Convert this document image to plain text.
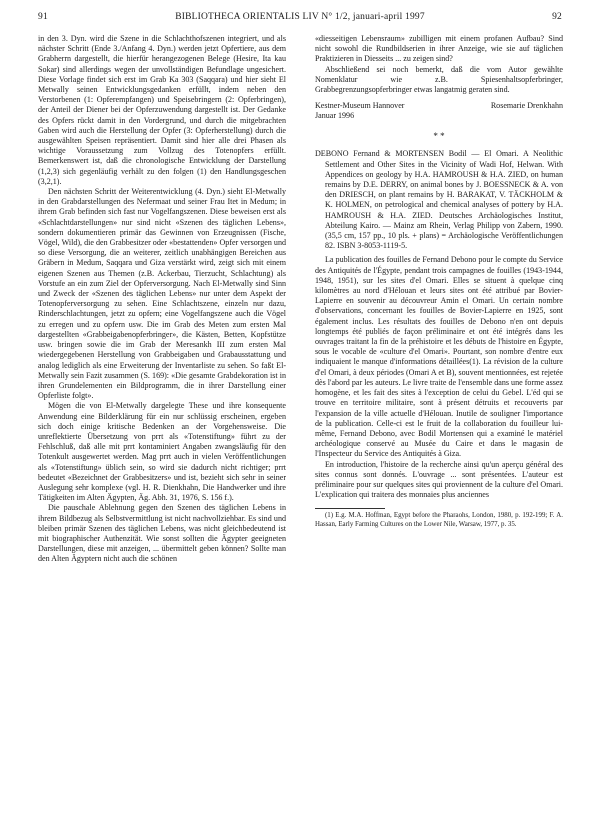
91	BIBLIOTHECA ORIENTALIS LIV N° 1/2, januari-april 1997	92

in den 3. Dyn. wird die Szene in die Schlachthofszenen integriert, und als nächster Schritt (Ende 3./Anfang 4. Dyn.) werden jetzt Opfertiere, aus dem Grabherrn dargestellt, die hierfür herangezogenen Belege (Hesire, Ita kau Sokar) sind allerdings wegen der unvollständigen Befundlage ungesichert. Diese Vorlage findet sich erst im Grab Ka 303 (Saqqara) und hier sieht El Metwally seinen Entwicklungsgedanken erfüllt, indem neben den Verstorbenen (1: Opferempfangen) und Speisebringern (2: Opferbringen), der Anteil der Diener bei der Opferzuwendung dargestellt ist. Der Gedanke des Opfers rückt damit in den Vordergrund, und durch die mitgebrachten Gaben wird auch die Herstellung der Opfer (3: Opferherstellung) durch die ausgewählten Speisen repräsentiert. Damit sind hier alle drei Phasen als wichtige Voraussetzung zum Vollzug des Totenopfers erfüllt. Bemerkenswert ist, daß die chronologische Entwicklung der Darstellung (1,2,3) sich gegenläufig verhält zu den folgen (1) den Handlungsgeschen (3,2,1).

Den nächsten Schritt der Weiterentwicklung (4. Dyn.) sieht El-Metwally in den Grabdarstellungen des Nefermaat und seiner Frau Itet in Medum; in ihrem Grab befinden sich fast nur Vogelfangszenen. Diese beweisen erst als «Schlachtdarstellungen» nur sind nicht «Szenen des täglichen Lebens», sondern dokumentieren primär das Gewinnen von Erzeugnissen (Fische, Vögel, Wild), die den Grabbesitzer oder «bestattenden» Opfer versorgen und so diese Versorgung, die an weiterer, zeitlich unabhängigen Bereichen aus Gräbern in Medum, Saqqara und Giza verstärkt wird, zeigt sich mit einem eigenen Szenen aus Themen (z.B. Ackerbau, Tierzucht, Schlachtung) als Vorstufe an ein zum Ziel der Opferversorgung. Nach El-Metwally sind Sinn und Zweck der «Szenen des täglichen Lebens» nur unter dem Aspekt der Totenopferversorgung zu sehen. Eine Schlachtszene, einzeln nur dazu, Rinderschlachtungen, jetzt zu opfern; eine Vogelfangszene auch die Vögel zu erregen und zu opfern usw. Die im Grab des Meten zum ersten Mal dargestellten «Grabbeigabenopferbringer», die Kästen, Betten, Kopfstütze usw. bringen sowie die im Grab der Meresankh III zum ersten Mal wiedergegebenen Herstellung von Grabbeigaben und Grabausstattung und analog lediglich als eine Erweiterung der Inventarliste zu sehen. So faßt El-Metwally sein Fazit zusammen (S. 169): «Die gesamte Grabdekoration ist in ihren Grundelementen ein Bildprogramm, die in ihrer Darstellung einer Opferliste folgt».

Mögen die von El-Metwally dargelegte These und ihre konsequente Anwendung eine Bilderklärung für ein nur schlüssig erscheinen, ergeben sich doch einige kritische Bedenken an der Vorgehensweise. Die unreflektierte Übersetzung von prrt als «Totenstiftung» führt zu der Fehlschluß, daß alle mit prrt kontaminiert Angaben zwangsläufig für den Totenkult ausgewertet werden. Mag prrt auch in vielen Veröffentlichungen als «Totenstiftung» üblich sein, so wird sie dadurch nicht richtiger; prrt bedeutet «Bezeichnet der Grabbesitzers» und ist, bezieht sich sehr in seiner Auslegung sehr komplexe (vgl. H. R. Dienkhahn, Die Handwerker und ihre Tätigkeiten im Alten Ägypten, Äg. Abh. 31, 1976, S. 156 f.).

Die pauschale Ablehnung gegen den Szenen des täglichen Lebens in ihrem Bildbezug als Selbstvermittlung ist nicht nachvollziehbar. Es sind und bleiben primär Szenen des täglichen Lebens, was nicht gleichbedeutend ist mit biographischer Authenzität. Wie sonst sollten die Ägypter geeigneten Darstellungen, diese mit anzeigen, ... übermittelt geben können? Sollte man den Alten Ägyptern nicht auch die schönen

«diesseitigen Lebensraum» zubilligen mit einem profanen Aufbau? Sind nicht sowohl die Rundbildserien in ihrer Anzeige, wie sie auf täglichen Praktizieren in Diesseits ... zu zeigen sind?

Abschließend sei noch bemerkt, daß die vom Autor gewählte Nomenklatur wie z.B. Spiesenhaltsopferbringer, Grabbegrenzungsopferbringer etwas langatmig geraten sind.

Kestner-Museum Hannover
Januar 1996
Rosemarie Drenkhahn
* *

DEBONO Fernand & MORTENSEN Bodil — El Omari. A Neolithic Settlement and Other Sites in the Vicinity of Wadi Hof, Helwan. With Appendices on geology by H.A. HAMROUSH & H.A. ZIED, on human remains by D.E. DERRY, on animal bones by J. BOESSNECK & A. von den DRIESCH, on plant remains by H. BARAKAT, V. TÄCKHOLM & K. HOLMEN, on petrological and chemical analyses of pottery by H.A. HAMROUSH & H.A. ZIED. Deutsches Archäologisches Institut, Abteilung Kairo. — Mainz am Rhein, Verlag Philipp von Zabern, 1990. (35,5 cm, 157 pp., 10 pls. + plans) = Archäologische Veröffentlichungen 82. ISBN 3-8053-1119-5.

La publication des fouilles de Fernand Debono pour le compte du Service des Antiquités de l'Égypte, pendant trois campagnes de fouilles (1943-1944, 1948, 1951), sur les sites d'el Omari. Elles se situent à quelque cinq kilomètres au nord d'Hélouan et leurs sites ont été attribué par Bovier-Lapierre en souvenir au découvreur Amin el Omari. Un certain nombre d'observations, concernant les fouilles de Bovier-Lapierre en 1925, sont également inclus. Les résultats des fouilles de Debono n'en ont depuis longtemps été publiés de façon préliminaire et ont été intégrés dans les ouvrages traitant la fin de la préhistoire et les débuts de l'histoire en Égypte, sous le vocable de «culture d'el Omari». Pourtant, son nombre d'entre eux indiquaient le manque d'informations détaillées(1). La révision de la culture d'el Omari, à deux périodes (Omari A et B), souvent mentionnées, est rejetée dès l'abord par les auteurs. Le livre traite de l'ensemble dans une forme assez homogène, et les fait des sites à l'exception de celui du Gebel. L'éd qui se trouve en territoire militaire, sont à présent détruits et recouverts par l'expansion de la ville actuelle d'Hélouan. Inutile de souligner l'importance de la publication. Celle-ci est le fruit de la collaboration du fouilleur lui-même, Fernand Debono, avec Bodil Mortensen qui a examiné le matériel archéologique conservé au Musée du Caire et dans le magasin de l'Inspecteur du Service des Antiquités à Giza.

En introduction, l'histoire de la recherche ainsi qu'un aperçu général des sites connus sont donnés. L'ouvrage ... sont présentées. L'auteur est préliminaire pour sur quelques sites qui proviennent de la culture d'el Omari. L'explication qui traitera des monnaies plus anciennes

(1) E.g. M.A. Hoffman, Egypt before the Pharaohs, London, 1980, p. 192-199; F. A. Hassan, Early Farming Cultures on the Lower Nile, Warsaw, 1977, p. 35.
